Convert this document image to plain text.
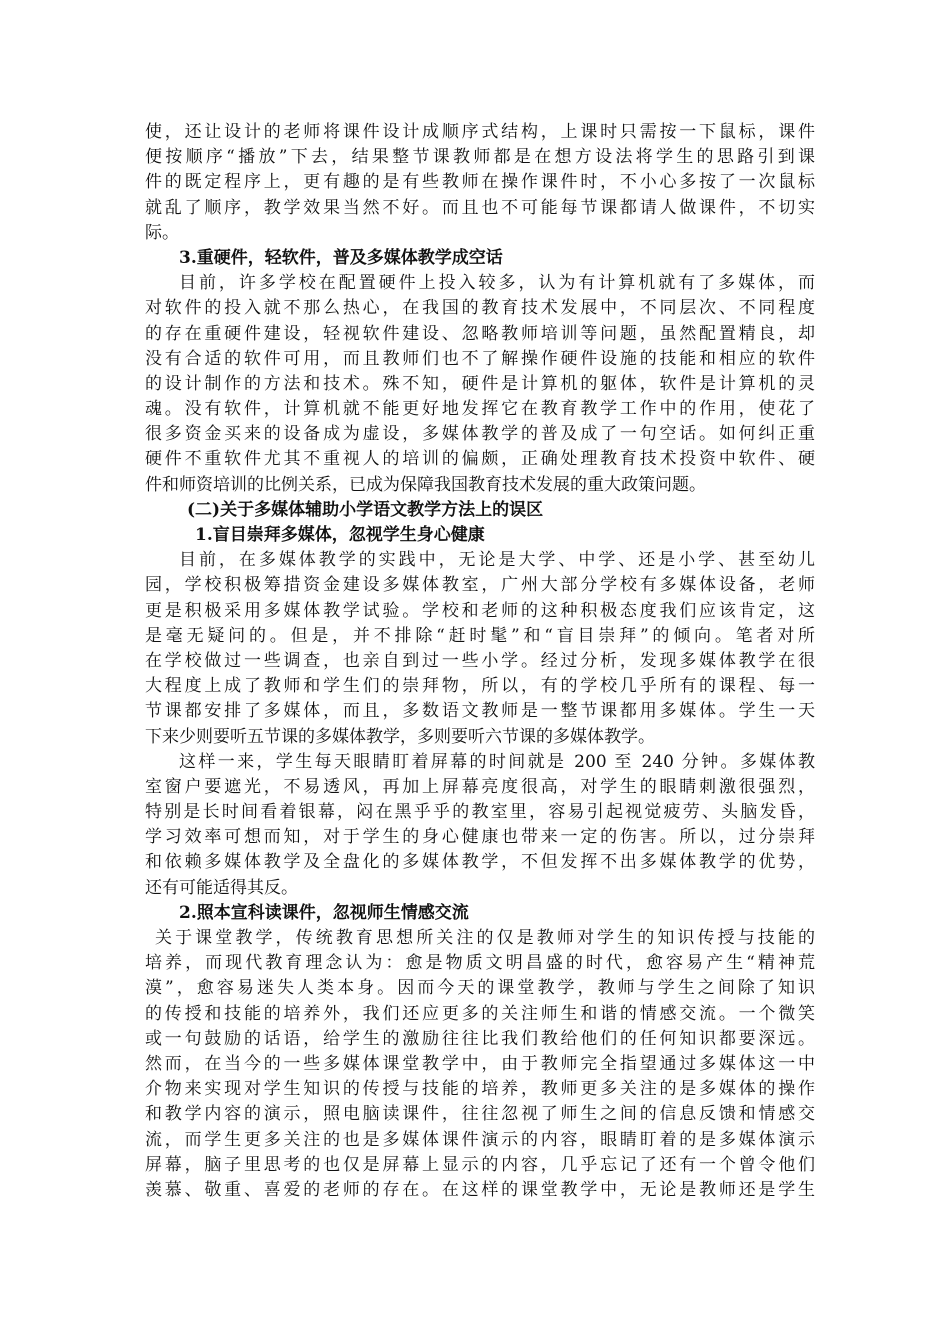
使，还让设计的老师将课件设计成顺序式结构，上课时只需按一下鼠标，课件
便按顺序“播放”下去，结果整节课教师都是在想方设法将学生的思路引到课
件的既定程序上，更有趣的是有些教师在操作课件时，不小心多按了一次鼠标
就乱了顺序，教学效果当然不好。而且也不可能每节课都请人做课件，不切实
际。
3.重硬件，轻软件，普及多媒体教学成空话
目前，许多学校在配置硬件上投入较多，认为有计算机就有了多媒体，而
对软件的投入就不那么热心，在我国的教育技术发展中，不同层次、不同程度
的存在重硬件建设，轻视软件建设、忽略教师培训等问题，虽然配置精良，却
没有合适的软件可用，而且教师们也不了解操作硬件设施的技能和相应的软件
的设计制作的方法和技术。殊不知，硬件是计算机的躯体，软件是计算机的灵
魂。没有软件，计算机就不能更好地发挥它在教育教学工作中的作用，使花了
很多资金买来的设备成为虚设，多媒体教学的普及成了一句空话。如何纠正重
硬件不重软件尤其不重视人的培训的偏颇，正确处理教育技术投资中软件、硬
件和师资培训的比例关系，已成为保障我国教育技术发展的重大政策问题。
(二)关于多媒体辅助小学语文教学方法上的误区
1.盲目崇拜多媒体，忽视学生身心健康
目前，在多媒体教学的实践中，无论是大学、中学、还是小学、甚至幼儿
园，学校积极筹措资金建设多媒体教室，广州大部分学校有多媒体设备，老师
更是积极采用多媒体教学试验。学校和老师的这种积极态度我们应该肯定，这
是毫无疑问的。但是，并不排除“赶时髦”和“盲目崇拜”的倾向。笔者对所
在学校做过一些调查，也亲自到过一些小学。经过分析，发现多媒体教学在很
大程度上成了教师和学生们的崇拜物，所以，有的学校几乎所有的课程、每一
节课都安排了多媒体，而且，多数语文教师是一整节课都用多媒体。学生一天
下来少则要听五节课的多媒体教学，多则要听六节课的多媒体教学。
这样一来，学生每天眼睛盯着屏幕的时间就是 200 至 240 分钟。多媒体教
室窗户要遮光，不易透风，再加上屏幕亮度很高，对学生的眼睛刺激很强烈，
特别是长时间看着银幕，闷在黑乎乎的教室里，容易引起视觉疲劳、头脑发昏，
学习效率可想而知，对于学生的身心健康也带来一定的伤害。所以，过分崇拜
和依赖多媒体教学及全盘化的多媒体教学，不但发挥不出多媒体教学的优势，
还有可能适得其反。
2.照本宣科读课件，忽视师生情感交流
关于课堂教学，传统教育思想所关注的仅是教师对学生的知识传授与技能的
培养，而现代教育理念认为：愈是物质文明昌盛的时代，愈容易产生“精神荒
漠”，愈容易迷失人类本身。因而今天的课堂教学，教师与学生之间除了知识
的传授和技能的培养外，我们还应更多的关注师生和谐的情感交流。一个微笑
或一句鼓励的话语，给学生的激励往往比我们教给他们的任何知识都要深远。
然而，在当今的一些多媒体课堂教学中，由于教师完全指望通过多媒体这一中
介物来实现对学生知识的传授与技能的培养，教师更多关注的是多媒体的操作
和教学内容的演示，照电脑读课件，往往忽视了师生之间的信息反馈和情感交
流，而学生更多关注的也是多媒体课件演示的内容，眼睛盯着的是多媒体演示
屏幕，脑子里思考的也仅是屏幕上显示的内容，几乎忘记了还有一个曾令他们
羡慕、敬重、喜爱的老师的存在。在这样的课堂教学中，无论是教师还是学生
